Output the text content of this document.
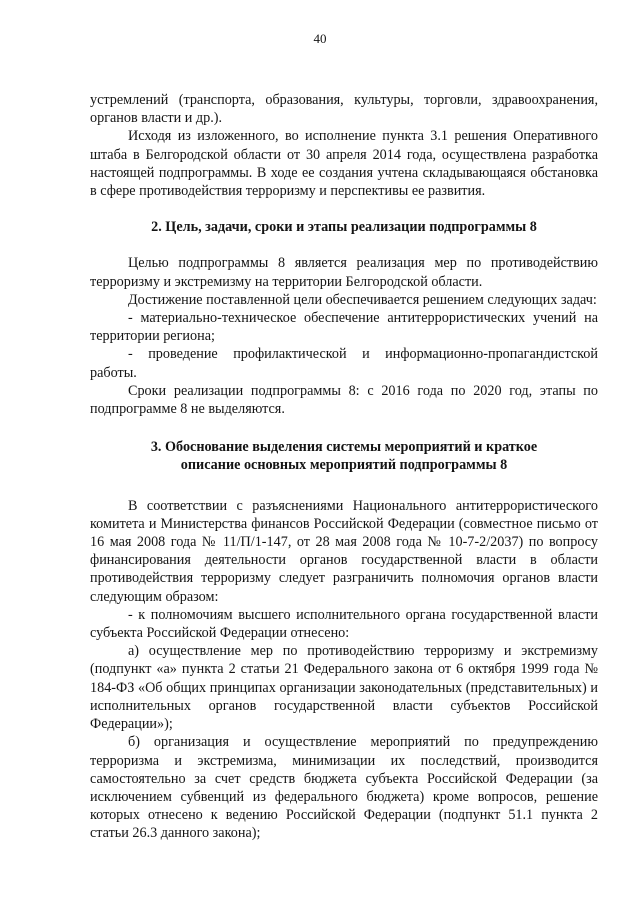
40

устремлений (транспорта, образования, культуры, торговли, здравоохранения, органов власти и др.).

Исходя из изложенного, во исполнение пункта 3.1 решения Оперативного штаба в Белгородской области от 30 апреля 2014 года, осуществлена разработка настоящей подпрограммы. В ходе ее создания учтена складывающаяся обстановка в сфере противодействия терроризму и перспективы ее развития.

2. Цель, задачи, сроки и этапы реализации подпрограммы 8

Целью подпрограммы 8 является реализация мер по противодействию терроризму и экстремизму на территории Белгородской области.

Достижение поставленной цели обеспечивается решением следующих задач:

- материально-техническое обеспечение антитеррористических учений на территории региона;

- проведение профилактической и информационно-пропагандистской работы.

Сроки реализации подпрограммы 8: с 2016 года по 2020 год, этапы по подпрограмме 8 не выделяются.

3. Обоснование выделения системы мероприятий и краткое
описание основных мероприятий подпрограммы 8

В соответствии с разъяснениями Национального антитеррористического комитета и Министерства финансов Российской Федерации (совместное письмо от 16 мая 2008 года № 11/П/1-147, от 28 мая 2008 года № 10-7-2/2037) по вопросу финансирования деятельности органов государственной власти в области противодействия терроризму следует разграничить полномочия органов власти следующим образом:

- к полномочиям высшего исполнительного органа государственной власти субъекта Российской Федерации отнесено:

а) осуществление мер по противодействию терроризму и экстремизму (подпункт «а» пункта 2 статьи 21 Федерального закона от 6 октября 1999 года № 184-ФЗ «Об общих принципах организации законодательных (представительных) и исполнительных органов государственной власти субъектов Российской Федерации»);

б) организация и осуществление мероприятий по предупреждению терроризма и экстремизма, минимизации их последствий, производится самостоятельно за счет средств бюджета субъекта Российской Федерации (за исключением субвенций из федерального бюджета) кроме вопросов, решение которых отнесено к ведению Российской Федерации (подпункт 51.1 пункта 2 статьи 26.3 данного закона);
